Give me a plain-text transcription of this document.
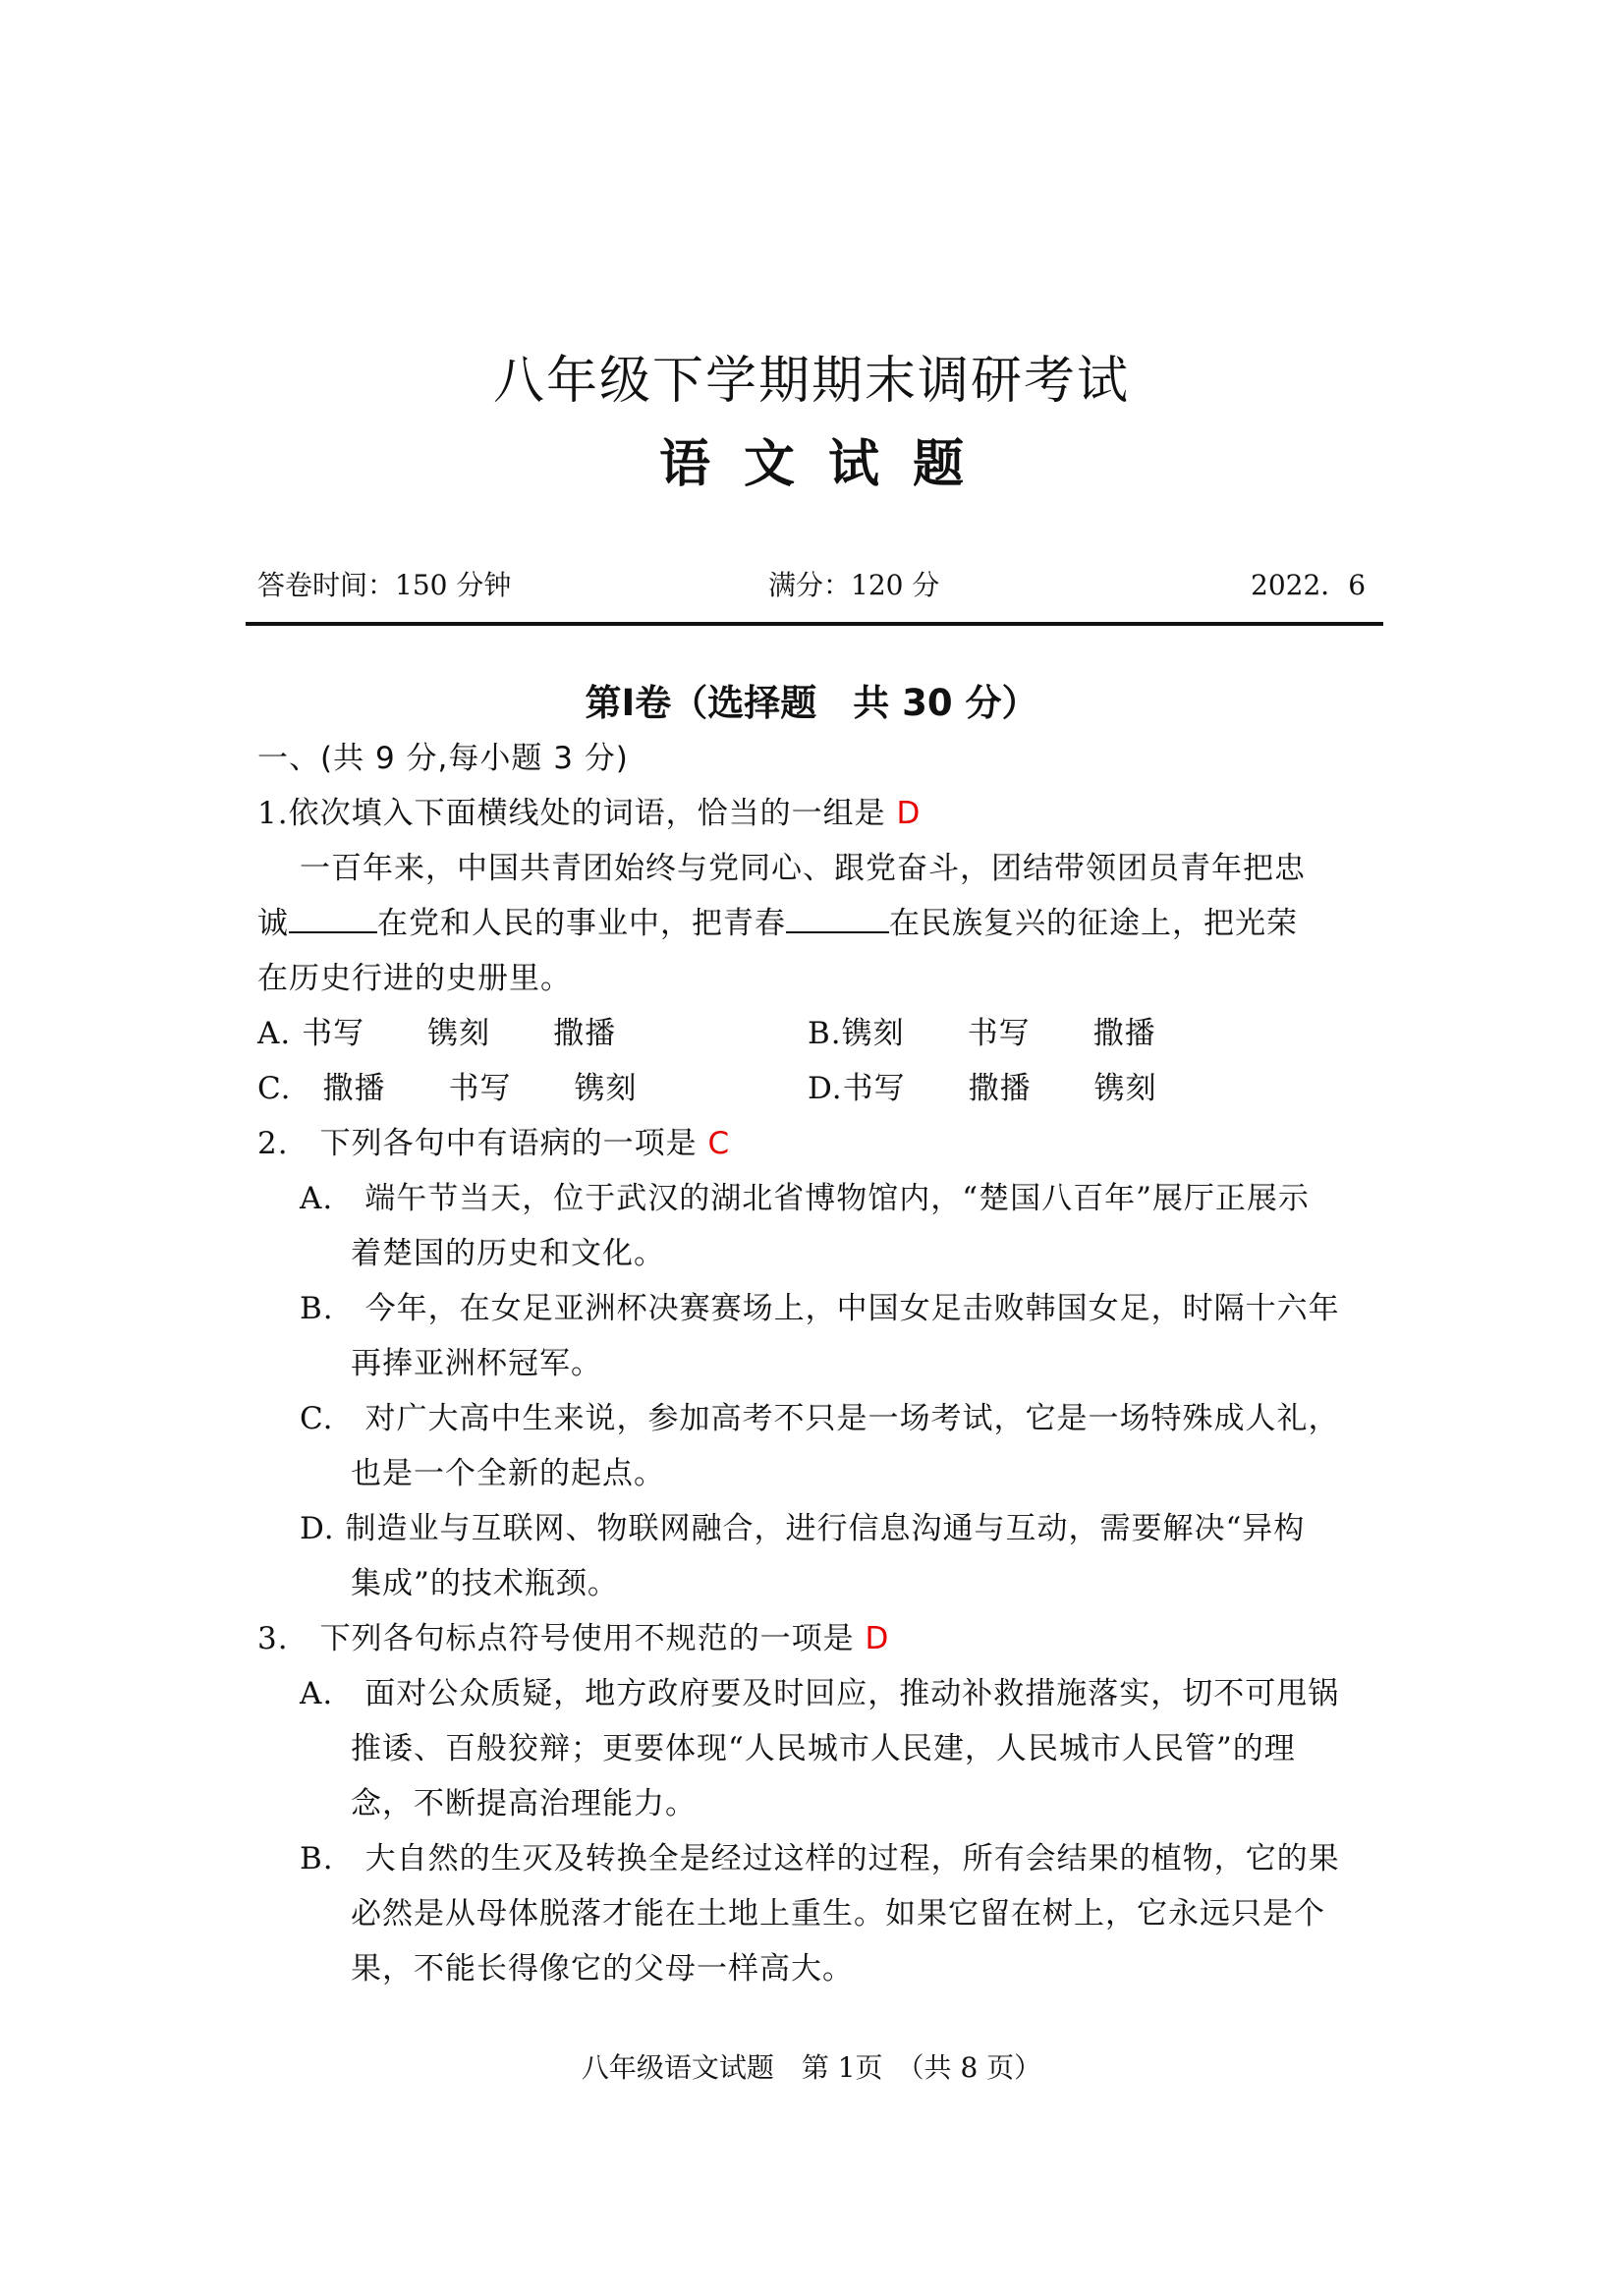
八年级下学期期末调研考试
语文试题
答卷时间：150 分钟	满分：120 分	2022．6
第Ⅰ卷（选择题　共 30 分）
一、(共 9 分,每小题 3 分)
1.依次填入下面横线处的词语，恰当的一组是 D
一百年来，中国共青团始终与党同心、跟党奋斗，团结带领团员青年把忠
诚	在党和人民的事业中，把青春	在民族复兴的征途上，把光荣
在历史行进的史册里。
A. 书写　　镌刻　　撒播	B.镌刻　　书写　　撒播
C.　撒播　　书写　　镌刻	D.书写　　撒播　　镌刻
2.　下列各句中有语病的一项是 C
A.　端午节当天，位于武汉的湖北省博物馆内，“楚国八百年”展厅正展示
着楚国的历史和文化。
B.　今年，在女足亚洲杯决赛赛场上，中国女足击败韩国女足，时隔十六年
再捧亚洲杯冠军。
C.　对广大高中生来说，参加高考不只是一场考试，它是一场特殊成人礼，
也是一个全新的起点。
D. 制造业与互联网、物联网融合，进行信息沟通与互动，需要解决“异构
集成”的技术瓶颈。
3.　下列各句标点符号使用不规范的一项是 D
A.　面对公众质疑，地方政府要及时回应，推动补救措施落实，切不可甩锅
推诿、百般狡辩；更要体现“人民城市人民建，人民城市人民管”的理
念，不断提高治理能力。
B.　大自然的生灭及转换全是经过这样的过程，所有会结果的植物，它的果
必然是从母体脱落才能在土地上重生。如果它留在树上，它永远只是个
果，不能长得像它的父母一样高大。
八年级语文试题　第 1页　（共 8 页）
